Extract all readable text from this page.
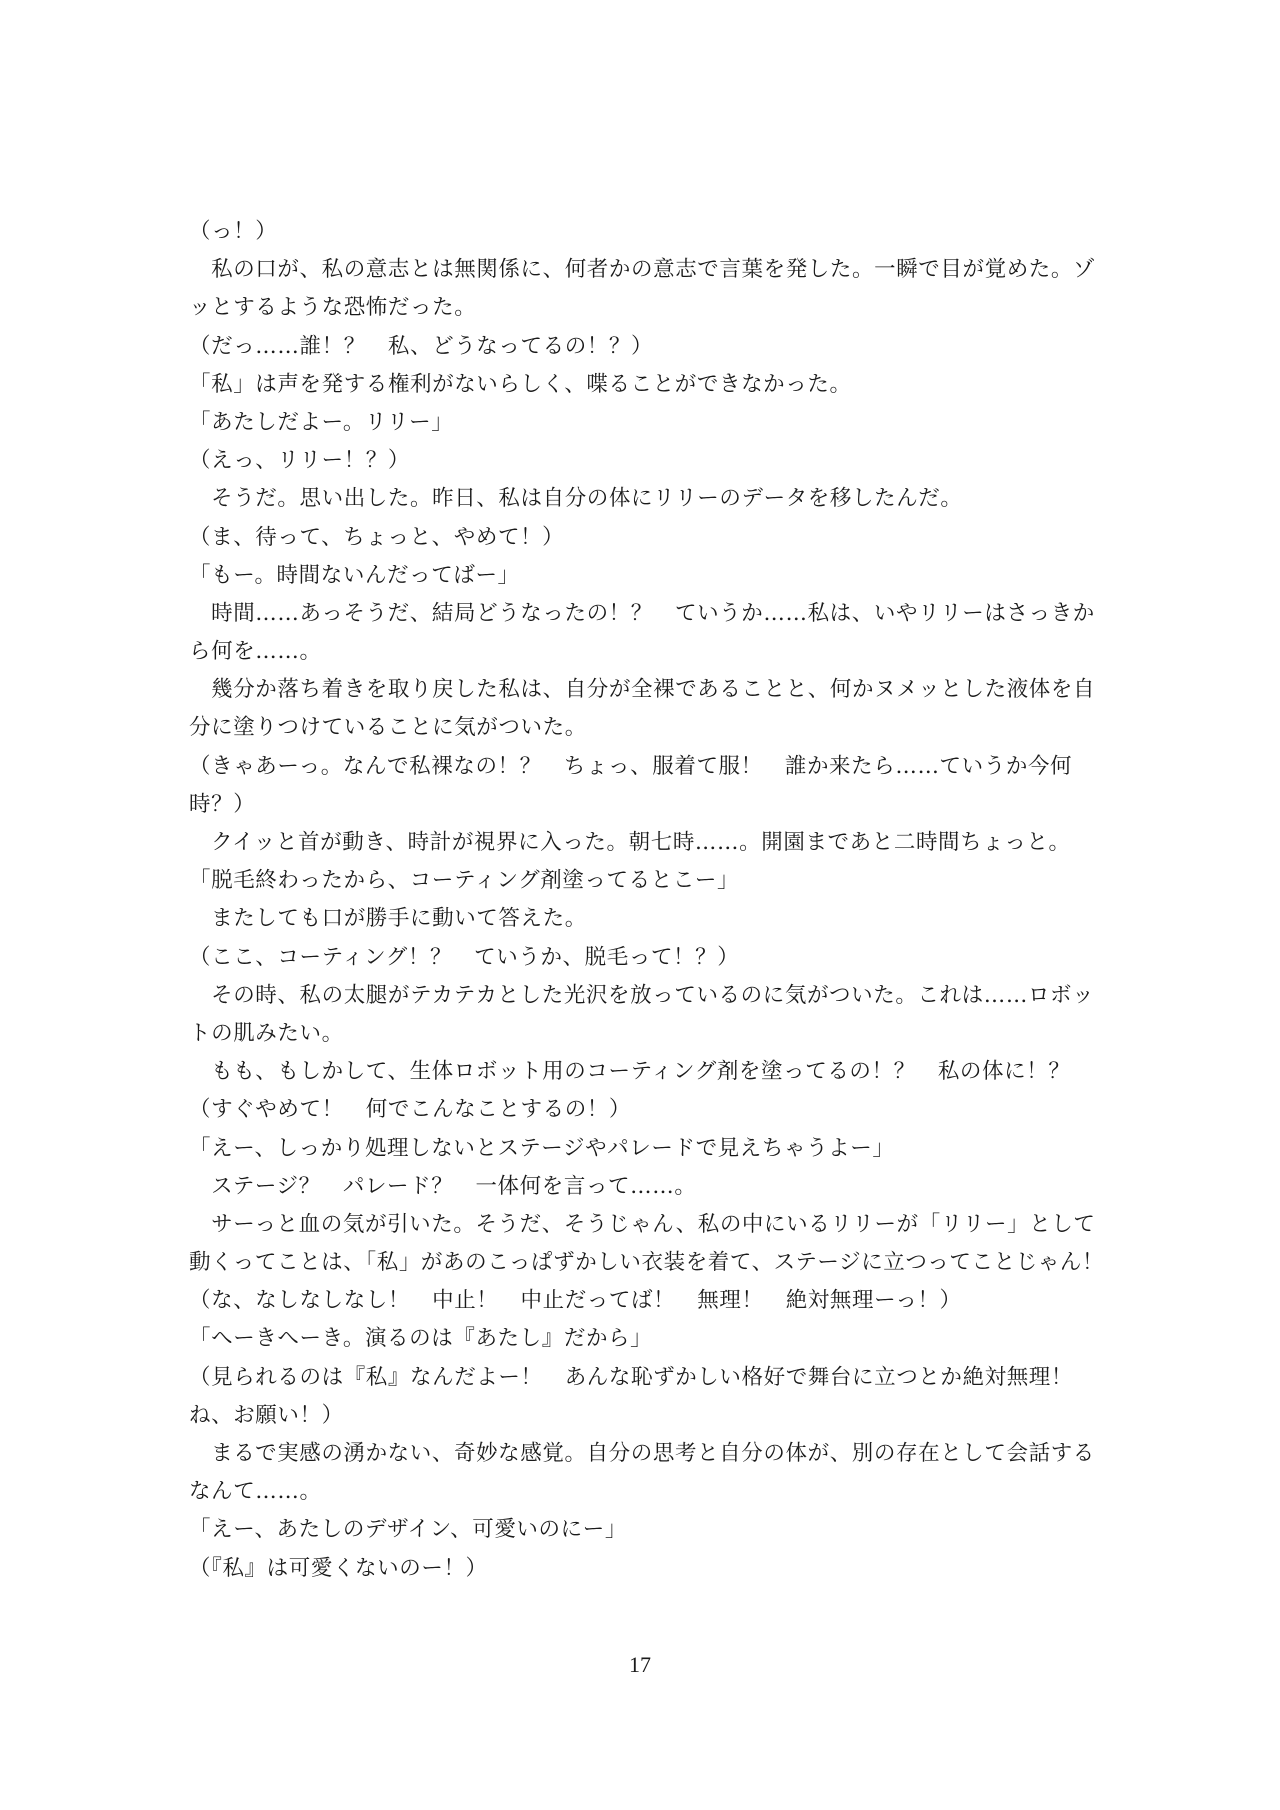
（っ！）
　私の口が、私の意志とは無関係に、何者かの意志で言葉を発した。一瞬で目が覚めた。ゾ
ッとするような恐怖だった。
（だっ……誰！？　私、どうなってるの！？）
「私」は声を発する権利がないらしく、喋ることができなかった。
「あたしだよー。リリー」
（えっ、リリー！？）
　そうだ。思い出した。昨日、私は自分の体にリリーのデータを移したんだ。
（ま、待って、ちょっと、やめて！）
「もー。時間ないんだってばー」
　時間……あっそうだ、結局どうなったの！？　ていうか……私は、いやリリーはさっきか
ら何を……。
　幾分か落ち着きを取り戻した私は、自分が全裸であることと、何かヌメッとした液体を自
分に塗りつけていることに気がついた。
（きゃあーっ。なんで私裸なの！？　ちょっ、服着て服！　誰か来たら……ていうか今何
時？）
　クイッと首が動き、時計が視界に入った。朝七時……。開園まであと二時間ちょっと。
「脱毛終わったから、コーティング剤塗ってるとこー」
　またしても口が勝手に動いて答えた。
（ここ、コーティング！？　ていうか、脱毛って！？）
　その時、私の太腿がテカテカとした光沢を放っているのに気がついた。これは……ロボッ
トの肌みたい。
　もも、もしかして、生体ロボット用のコーティング剤を塗ってるの！？　私の体に！？
（すぐやめて！　何でこんなことするの！）
「えー、しっかり処理しないとステージやパレードで見えちゃうよー」
　ステージ？　パレード？　一体何を言って……。
　サーっと血の気が引いた。そうだ、そうじゃん、私の中にいるリリーが「リリー」として
動くってことは、「私」があのこっぱずかしい衣装を着て、ステージに立つってことじゃん！
（な、なしなしなし！　中止！　中止だってば！　無理！　絶対無理ーっ！）
「へーきへーき。演るのは『あたし』だから」
（見られるのは『私』なんだよー！　あんな恥ずかしい格好で舞台に立つとか絶対無理！
ね、お願い！）
　まるで実感の湧かない、奇妙な感覚。自分の思考と自分の体が、別の存在として会話する
なんて……。
「えー、あたしのデザイン、可愛いのにー」
（『私』は可愛くないのー！）
17
